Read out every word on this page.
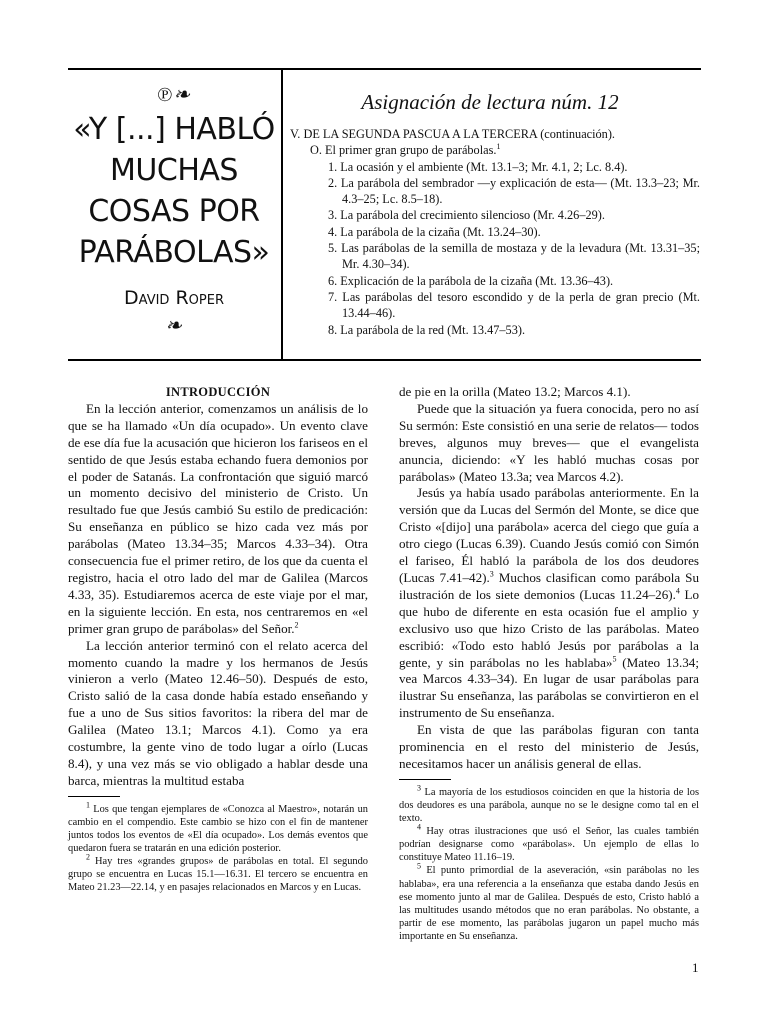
℗❧
«Y [...] HABLÓ
MUCHAS
COSAS POR
PARÁBOLAS»
David Roper
❧
Asignación de lectura núm. 12
V. DE LA SEGUNDA PASCUA A LA TERCERA (continuación).
O. El primer gran grupo de parábolas.$^1$
1. La ocasión y el ambiente (Mt. 13.1–3; Mr. 4.1, 2; Lc. 8.4).
2. La parábola del sembrador —y explicación de esta— (Mt. 13.3–23; Mr. 4.3–25; Lc. 8.5–18).
3. La parábola del crecimiento silencioso (Mr. 4.26–29).
4. La parábola de la cizaña (Mt. 13.24–30).
5. Las parábolas de la semilla de mostaza y de la levadura (Mt. 13.31–35; Mr. 4.30–34).
6. Explicación de la parábola de la cizaña (Mt. 13.36–43).
7. Las parábolas del tesoro escondido y de la perla de gran precio (Mt. 13.44–46).
8. La parábola de la red (Mt. 13.47–53).
INTRODUCCIÓN

En la lección anterior, comenzamos un análisis de lo que se ha llamado «Un día ocupado». Un evento clave de ese día fue la acusación que hicieron los fariseos en el sentido de que Jesús estaba echando fuera demonios por el poder de Satanás. La confrontación que siguió marcó un momento decisivo del ministerio de Cristo. Un resultado fue que Jesús cambió Su estilo de predicación: Su enseñanza en público se hizo cada vez más por parábolas (Mateo 13.34–35; Marcos 4.33–34). Otra consecuencia fue el primer retiro, de los que da cuenta el registro, hacia el otro lado del mar de Galilea (Marcos 4.33, 35). Estudiaremos acerca de este viaje por el mar, en la siguiente lección. En esta, nos centraremos en «el primer gran grupo de parábolas» del Señor.$^2$

La lección anterior terminó con el relato acerca del momento cuando la madre y los hermanos de Jesús vinieron a verlo (Mateo 12.46–50). Después de esto, Cristo salió de la casa donde había estado enseñando y fue a uno de Sus sitios favoritos: la ribera del mar de Galilea (Mateo 13.1; Marcos 4.1). Como ya era costumbre, la gente vino de todo lugar a oírlo (Lucas 8.4), y una vez más se vio obligado a hablar desde una barca, mientras la multitud estaba

$^1$ Los que tengan ejemplares de «Conozca al Maestro», notarán un cambio en el compendio. Este cambio se hizo con el fin de mantener juntos todos los eventos de «El día ocupado». Los demás eventos que quedaron fuera se tratarán en una edición posterior.

$^2$ Hay tres «grandes grupos» de parábolas en total. El segundo grupo se encuentra en Lucas 15.1—16.31. El tercero se encuentra en Mateo 21.23—22.14, y en pasajes relacionados en Marcos y en Lucas.

de pie en la orilla (Mateo 13.2; Marcos 4.1).

Puede que la situación ya fuera conocida, pero no así Su sermón: Este consistió en una serie de relatos— todos breves, algunos muy breves— que el evangelista anuncia, diciendo: «Y les habló muchas cosas por parábolas» (Mateo 13.3a; vea Marcos 4.2).

Jesús ya había usado parábolas anteriormente. En la versión que da Lucas del Sermón del Monte, se dice que Cristo «[dijo] una parábola» acerca del ciego que guía a otro ciego (Lucas 6.39). Cuando Jesús comió con Simón el fariseo, Él habló la parábola de los dos deudores (Lucas 7.41–42).$^3$ Muchos clasifican como parábola Su ilustración de los siete demonios (Lucas 11.24–26).$^4$ Lo que hubo de diferente en esta ocasión fue el amplio y exclusivo uso que hizo Cristo de las parábolas. Mateo escribió: «Todo esto habló Jesús por parábolas a la gente, y sin parábolas no les hablaba»$^5$ (Mateo 13.34; vea Marcos 4.33–34). En lugar de usar parábolas para ilustrar Su enseñanza, las parábolas se convirtieron en el instrumento de Su enseñanza.

En vista de que las parábolas figuran con tanta prominencia en el resto del ministerio de Jesús, necesitamos hacer un análisis general de ellas.

$^3$ La mayoría de los estudiosos coinciden en que la historia de los dos deudores es una parábola, aunque no se le designe como tal en el texto.

$^4$ Hay otras ilustraciones que usó el Señor, las cuales también podrían designarse como «parábolas». Un ejemplo de ellas lo constituye Mateo 11.16–19.

$^5$ El punto primordial de la aseveración, «sin parábolas no les hablaba», era una referencia a la enseñanza que estaba dando Jesús en ese momento junto al mar de Galilea. Después de esto, Cristo habló a las multitudes usando métodos que no eran parábolas. No obstante, a partir de ese momento, las parábolas jugaron un papel mucho más importante en Su enseñanza.

1
